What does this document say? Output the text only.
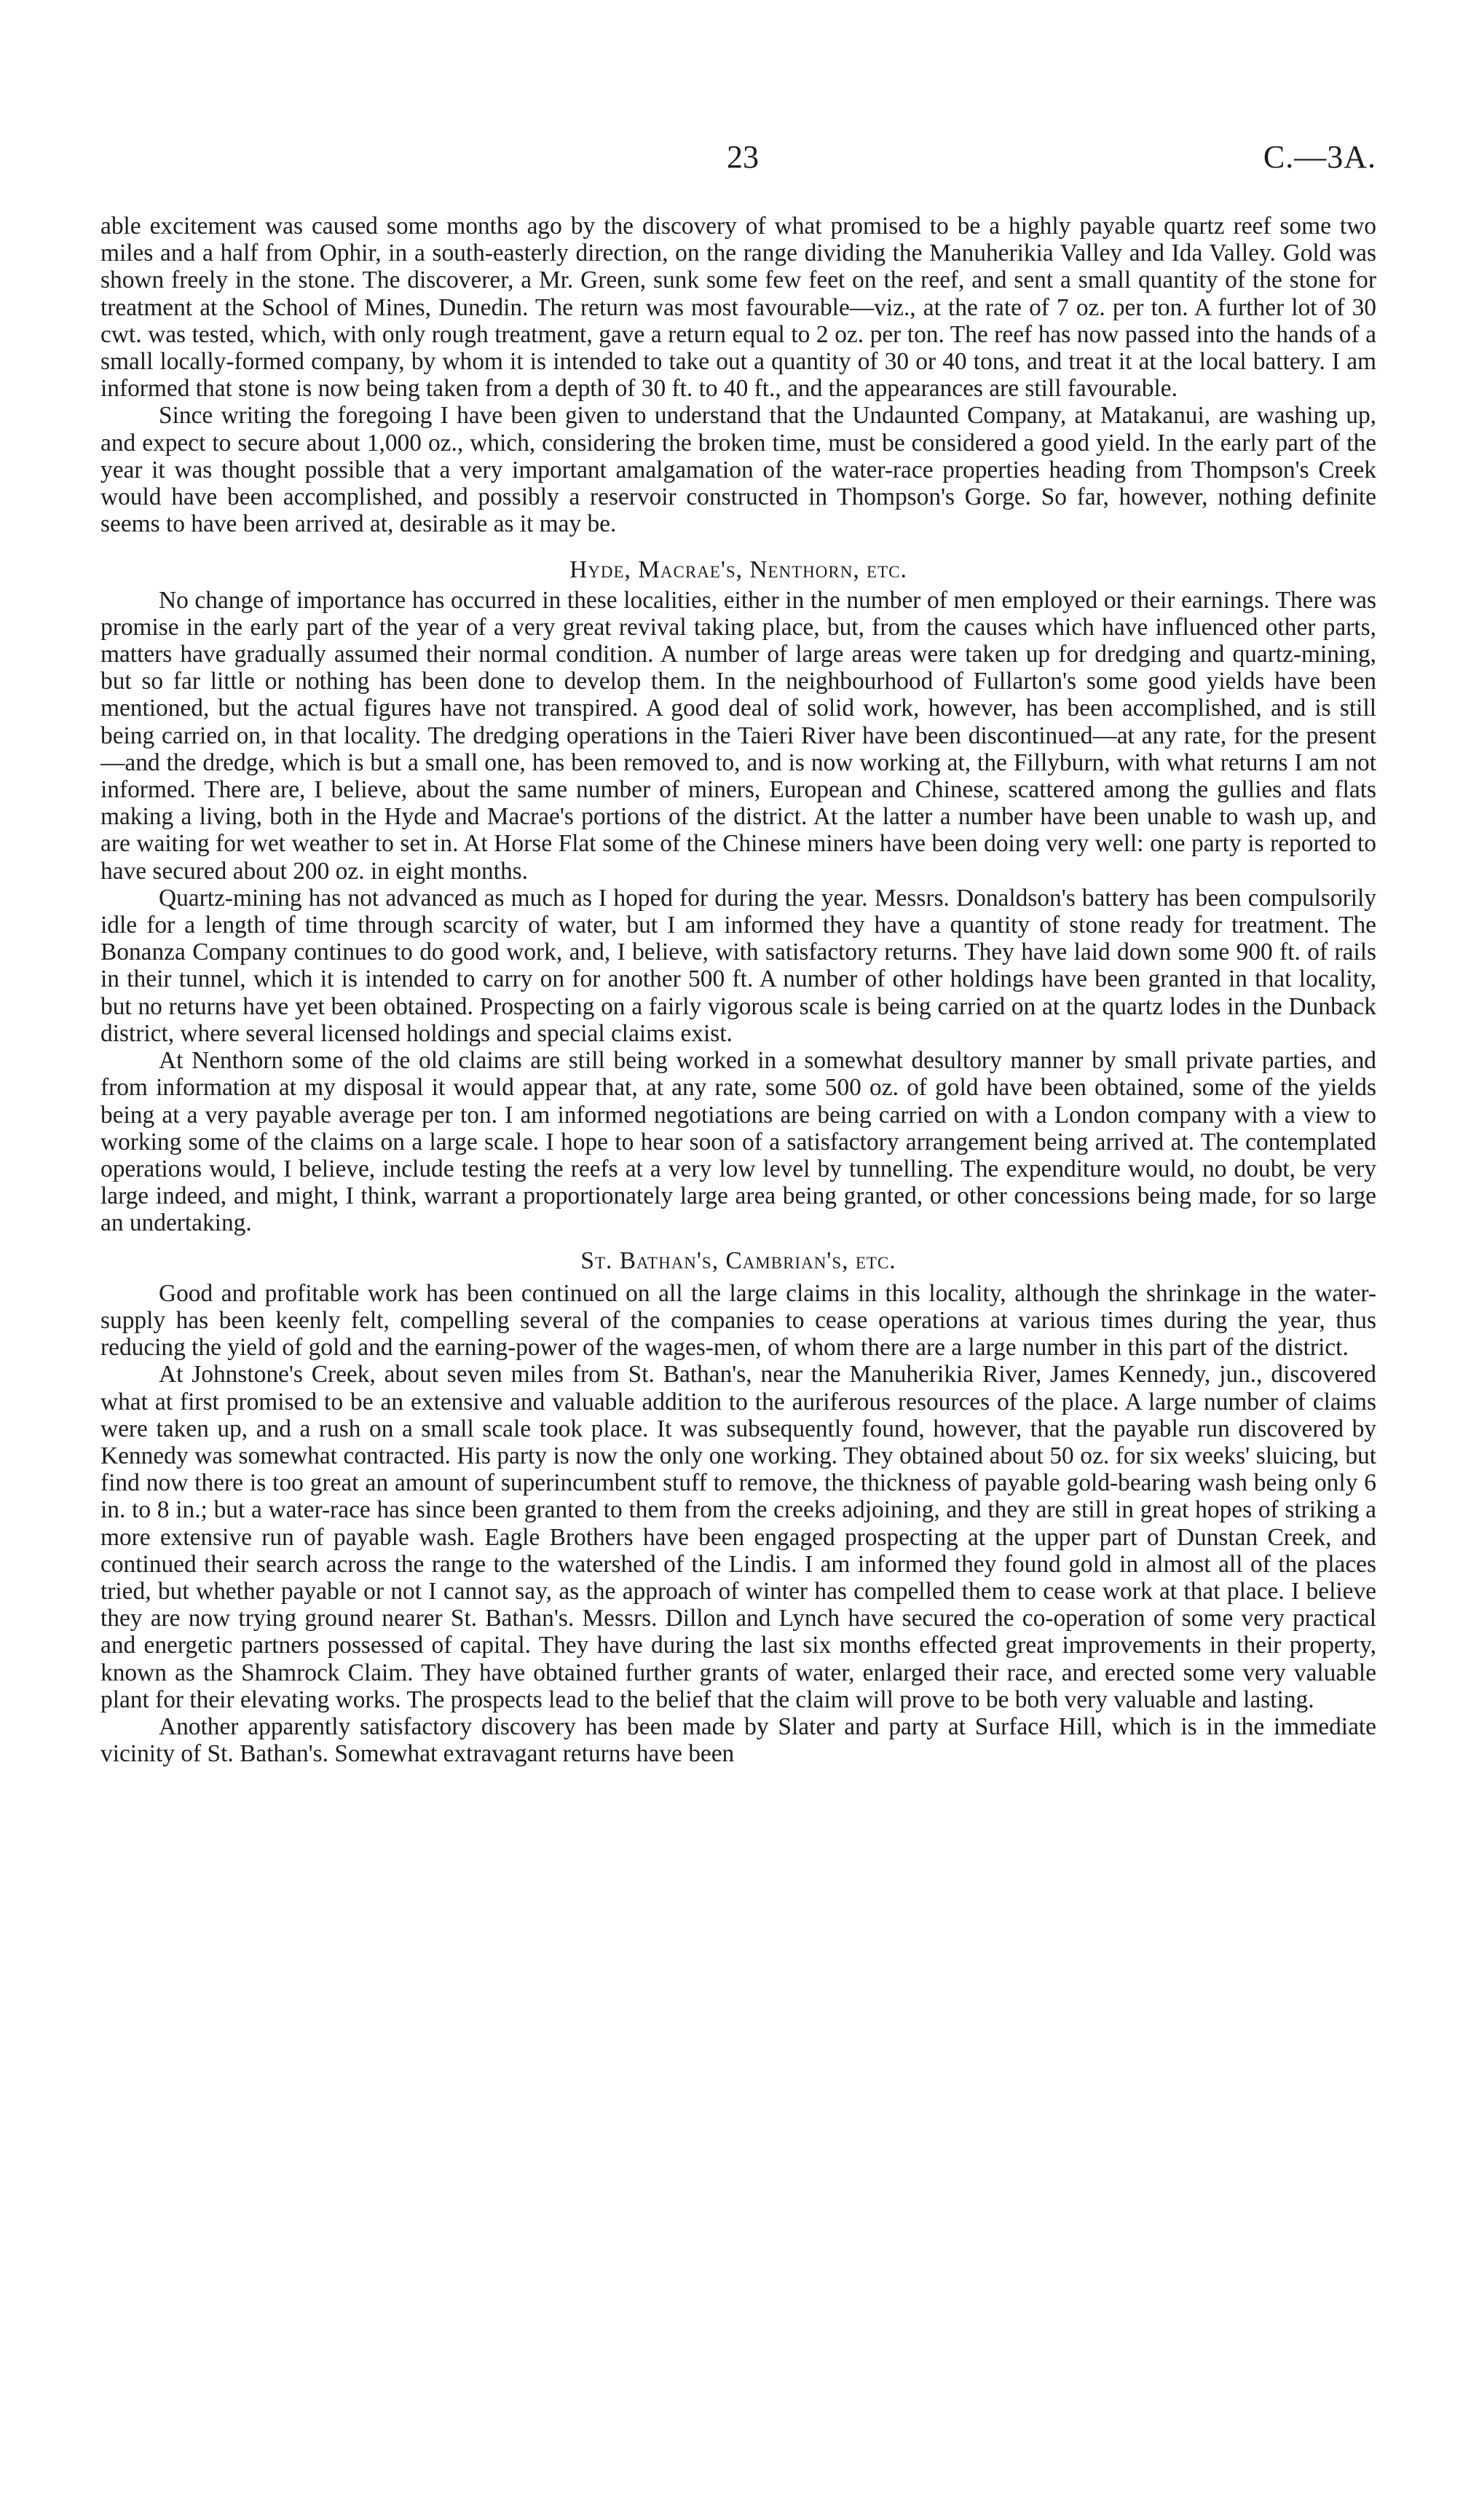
23	C.—3A.

able excitement was caused some months ago by the discovery of what promised to be a highly payable quartz reef some two miles and a half from Ophir, in a south-easterly direction, on the range dividing the Manuherikia Valley and Ida Valley. Gold was shown freely in the stone. The discoverer, a Mr. Green, sunk some few feet on the reef, and sent a small quantity of the stone for treatment at the School of Mines, Dunedin. The return was most favourable—viz., at the rate of 7 oz. per ton. A further lot of 30 cwt. was tested, which, with only rough treatment, gave a return equal to 2 oz. per ton. The reef has now passed into the hands of a small locally-formed company, by whom it is intended to take out a quantity of 30 or 40 tons, and treat it at the local battery. I am informed that stone is now being taken from a depth of 30 ft. to 40 ft., and the appearances are still favourable.

Since writing the foregoing I have been given to understand that the Undaunted Company, at Matakanui, are washing up, and expect to secure about 1,000 oz., which, considering the broken time, must be considered a good yield. In the early part of the year it was thought possible that a very important amalgamation of the water-race properties heading from Thompson's Creek would have been accomplished, and possibly a reservoir constructed in Thompson's Gorge. So far, however, nothing definite seems to have been arrived at, desirable as it may be.

Hyde, Macrae's, Nenthorn, etc.

No change of importance has occurred in these localities, either in the number of men employed or their earnings. There was promise in the early part of the year of a very great revival taking place, but, from the causes which have influenced other parts, matters have gradually assumed their normal condition. A number of large areas were taken up for dredging and quartz-mining, but so far little or nothing has been done to develop them. In the neighbourhood of Fullarton's some good yields have been mentioned, but the actual figures have not transpired. A good deal of solid work, however, has been accomplished, and is still being carried on, in that locality. The dredging operations in the Taieri River have been discontinued—at any rate, for the present—and the dredge, which is but a small one, has been removed to, and is now working at, the Fillyburn, with what returns I am not informed. There are, I believe, about the same number of miners, European and Chinese, scattered among the gullies and flats making a living, both in the Hyde and Macrae's portions of the district. At the latter a number have been unable to wash up, and are waiting for wet weather to set in. At Horse Flat some of the Chinese miners have been doing very well: one party is reported to have secured about 200 oz. in eight months.

Quartz-mining has not advanced as much as I hoped for during the year. Messrs. Donaldson's battery has been compulsorily idle for a length of time through scarcity of water, but I am informed they have a quantity of stone ready for treatment. The Bonanza Company continues to do good work, and, I believe, with satisfactory returns. They have laid down some 900 ft. of rails in their tunnel, which it is intended to carry on for another 500 ft. A number of other holdings have been granted in that locality, but no returns have yet been obtained. Prospecting on a fairly vigorous scale is being carried on at the quartz lodes in the Dunback district, where several licensed holdings and special claims exist.

At Nenthorn some of the old claims are still being worked in a somewhat desultory manner by small private parties, and from information at my disposal it would appear that, at any rate, some 500 oz. of gold have been obtained, some of the yields being at a very payable average per ton. I am informed negotiations are being carried on with a London company with a view to working some of the claims on a large scale. I hope to hear soon of a satisfactory arrangement being arrived at. The contemplated operations would, I believe, include testing the reefs at a very low level by tunnelling. The expenditure would, no doubt, be very large indeed, and might, I think, warrant a proportionately large area being granted, or other concessions being made, for so large an undertaking.

St. Bathan's, Cambrian's, etc.

Good and profitable work has been continued on all the large claims in this locality, although the shrinkage in the water-supply has been keenly felt, compelling several of the companies to cease operations at various times during the year, thus reducing the yield of gold and the earning-power of the wages-men, of whom there are a large number in this part of the district.

At Johnstone's Creek, about seven miles from St. Bathan's, near the Manuherikia River, James Kennedy, jun., discovered what at first promised to be an extensive and valuable addition to the auriferous resources of the place. A large number of claims were taken up, and a rush on a small scale took place. It was subsequently found, however, that the payable run discovered by Kennedy was somewhat contracted. His party is now the only one working. They obtained about 50 oz. for six weeks' sluicing, but find now there is too great an amount of superincumbent stuff to remove, the thickness of payable gold-bearing wash being only 6 in. to 8 in.; but a water-race has since been granted to them from the creeks adjoining, and they are still in great hopes of striking a more extensive run of payable wash. Eagle Brothers have been engaged prospecting at the upper part of Dunstan Creek, and continued their search across the range to the watershed of the Lindis. I am informed they found gold in almost all of the places tried, but whether payable or not I cannot say, as the approach of winter has compelled them to cease work at that place. I believe they are now trying ground nearer St. Bathan's. Messrs. Dillon and Lynch have secured the co-operation of some very practical and energetic partners possessed of capital. They have during the last six months effected great improvements in their property, known as the Shamrock Claim. They have obtained further grants of water, enlarged their race, and erected some very valuable plant for their elevating works. The prospects lead to the belief that the claim will prove to be both very valuable and lasting.

Another apparently satisfactory discovery has been made by Slater and party at Surface Hill, which is in the immediate vicinity of St. Bathan's. Somewhat extravagant returns have been
